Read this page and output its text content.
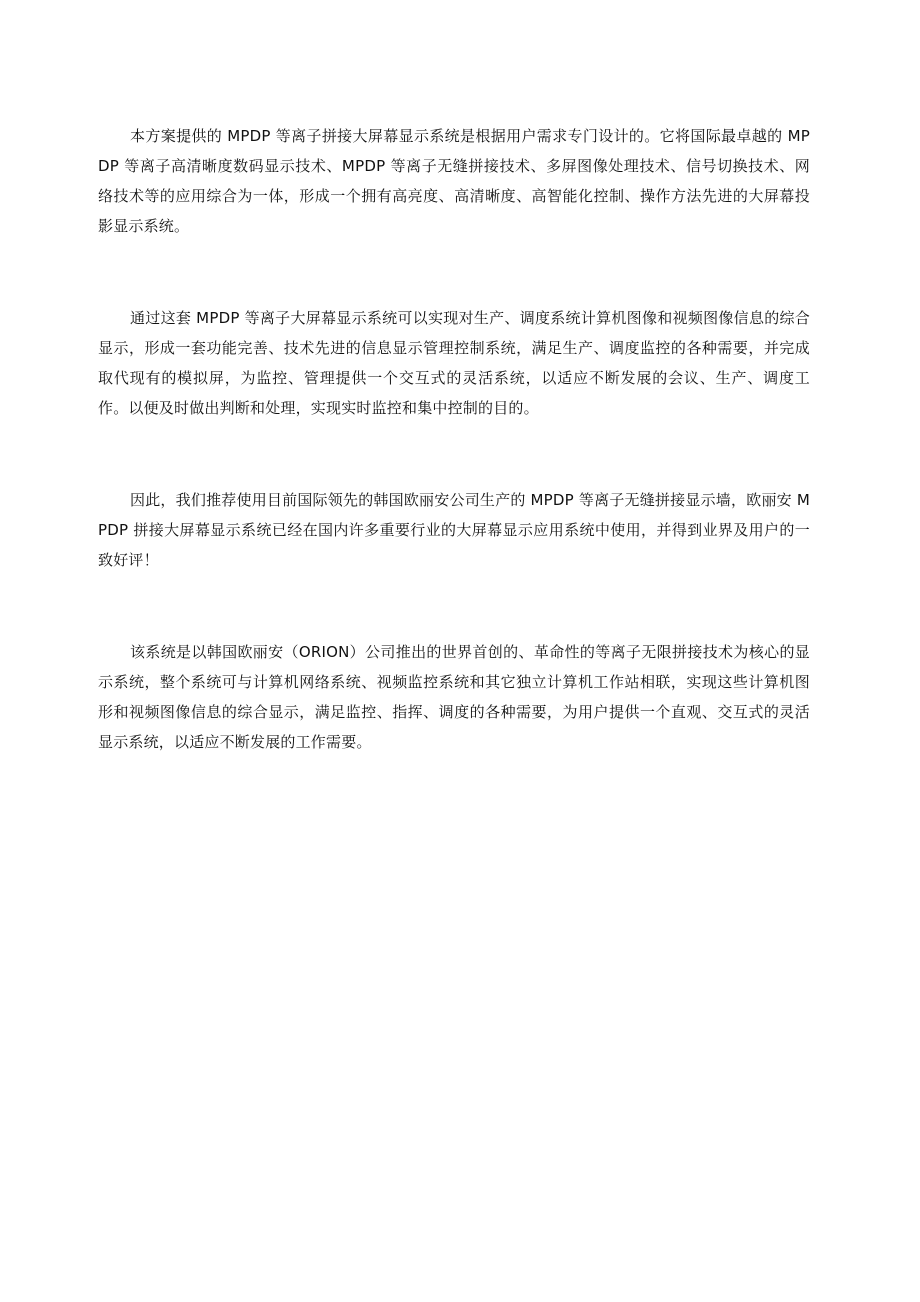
本方案提供的 MPDP 等离子拼接大屏幕显示系统是根据用户需求专门设计的。它将国际最卓越的 MPDP 等离子高清晰度数码显示技术、MPDP 等离子无缝拼接技术、多屏图像处理技术、信号切换技术、网络技术等的应用综合为一体，形成一个拥有高亮度、高清晰度、高智能化控制、操作方法先进的大屏幕投影显示系统。

通过这套 MPDP 等离子大屏幕显示系统可以实现对生产、调度系统计算机图像和视频图像信息的综合显示，形成一套功能完善、技术先进的信息显示管理控制系统，满足生产、调度监控的各种需要，并完成取代现有的模拟屏，为监控、管理提供一个交互式的灵活系统，以适应不断发展的会议、生产、调度工作。以便及时做出判断和处理，实现实时监控和集中控制的目的。

因此，我们推荐使用目前国际领先的韩国欧丽安公司生产的 MPDP 等离子无缝拼接显示墙，欧丽安 MPDP 拼接大屏幕显示系统已经在国内许多重要行业的大屏幕显示应用系统中使用，并得到业界及用户的一致好评！

该系统是以韩国欧丽安（ORION）公司推出的世界首创的、革命性的等离子无限拼接技术为核心的显示系统，整个系统可与计算机网络系统、视频监控系统和其它独立计算机工作站相联，实现这些计算机图形和视频图像信息的综合显示，满足监控、指挥、调度的各种需要，为用户提供一个直观、交互式的灵活显示系统，以适应不断发展的工作需要。
